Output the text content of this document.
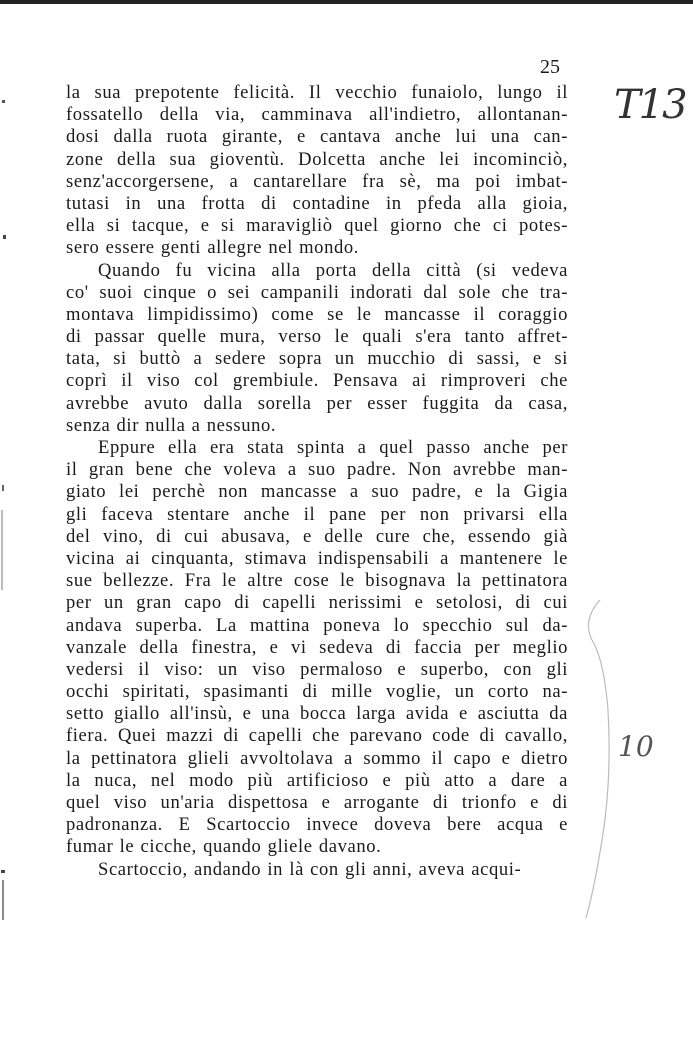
25
T13
10
la sua prepotente felicità. Il vecchio funaiolo, lungo il
fossatello della via, camminava all'indietro, allontanan-
dosi dalla ruota girante, e cantava anche lui una can-
zone della sua gioventù. Dolcetta anche lei incominciò,
senz'accorgersene, a cantarellare fra sè, ma poi imbat-
tutasi in una frotta di contadine in pfeda alla gioia,
ella si tacque, e si maravigliò quel giorno che ci potes-
sero essere genti allegre nel mondo.
Quando fu vicina alla porta della città (si vedeva
co' suoi cinque o sei campanili indorati dal sole che tra-
montava limpidissimo) come se le mancasse il coraggio
di passar quelle mura, verso le quali s'era tanto affret-
tata, si buttò a sedere sopra un mucchio di sassi, e si
coprì il viso col grembiule. Pensava ai rimproveri che
avrebbe avuto dalla sorella per esser fuggita da casa,
senza dir nulla a nessuno.
Eppure ella era stata spinta a quel passo anche per
il gran bene che voleva a suo padre. Non avrebbe man-
giato lei perchè non mancasse a suo padre, e la Gigia
gli faceva stentare anche il pane per non privarsi ella
del vino, di cui abusava, e delle cure che, essendo già
vicina ai cinquanta, stimava indispensabili a mantenere le
sue bellezze. Fra le altre cose le bisognava la pettinatora
per un gran capo di capelli nerissimi e setolosi, di cui
andava superba. La mattina poneva lo specchio sul da-
vanzale della finestra, e vi sedeva di faccia per meglio
vedersi il viso: un viso permaloso e superbo, con gli
occhi spiritati, spasimanti di mille voglie, un corto na-
setto giallo all'insù, e una bocca larga avida e asciutta da
fiera. Quei mazzi di capelli che parevano code di cavallo,
la pettinatora glieli avvoltolava a sommo il capo e dietro
la nuca, nel modo più artificioso e più atto a dare a
quel viso un'aria dispettosa e arrogante di trionfo e di
padronanza. E Scartoccio invece doveva bere acqua e
fumar le cicche, quando gliele davano.
Scartoccio, andando in là con gli anni, aveva acqui-
